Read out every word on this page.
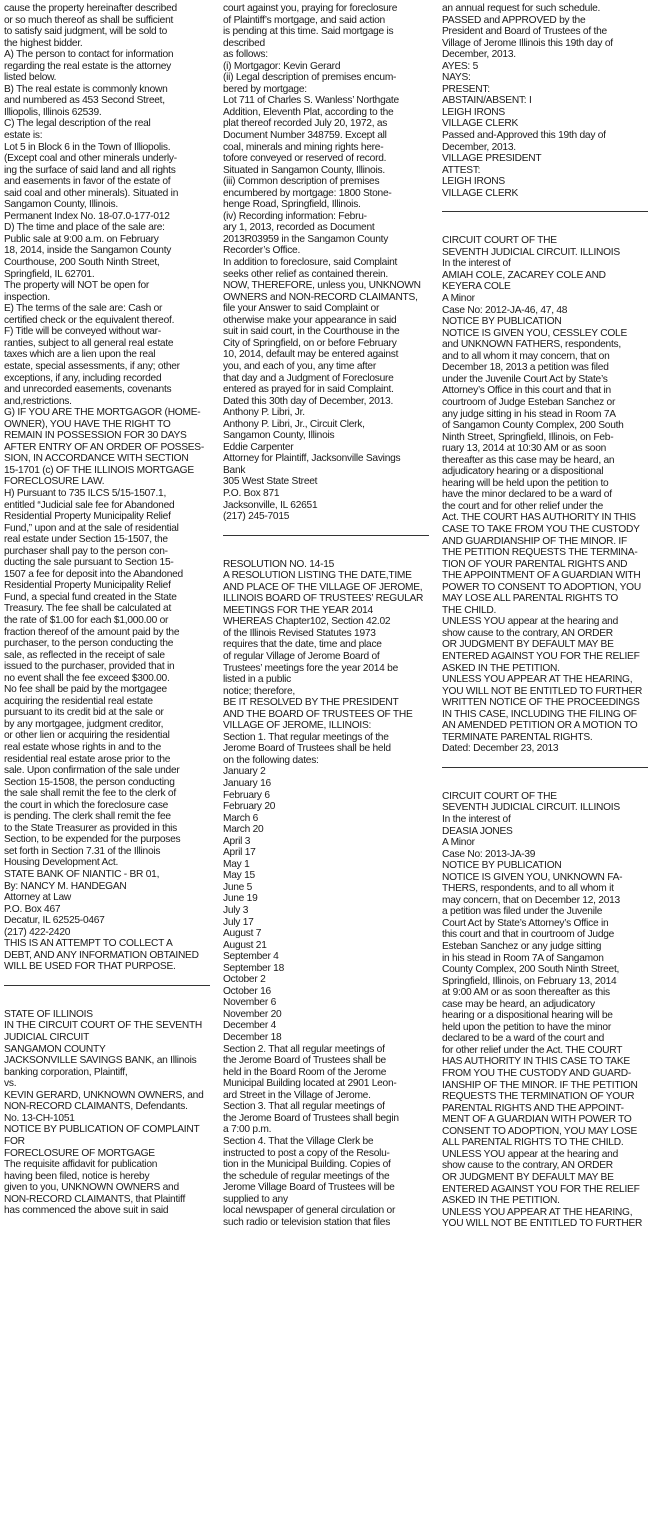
cause the property hereinafter described

or so much thereof as shall be sufficient

to satisfy said judgment, will be sold to

the highest bidder.

A) The person to contact for information

regarding the real estate is the attorney

listed below.

B) The real estate is commonly known

and numbered as 453 Second Street,

Illiopolis, Illinois 62539.

C) The legal description of the real

estate is:

Lot 5 in Block 6 in the Town of Illiopolis.

(Except coal and other minerals underly-

ing the surface of said land and all rights

and easements in favor of the estate of

said coal and other minerals). Situated in

Sangamon County, Illinois.

Permanent Index No. 18-07.0-177-012

D) The time and place of the sale are:

Public sale at 9:00 a.m. on February

18, 2014, inside the Sangamon County

Courthouse, 200 South Ninth Street,

Springfield, IL 62701.

The property will NOT be open for

inspection.

E) The terms of the sale are: Cash or

certified check or the equivalent thereof.

F) Title will be conveyed without war-

ranties, subject to all general real estate

taxes which are a lien upon the real

estate, special assessments, if any; other

exceptions, if any, including recorded

and unrecorded easements, covenants

and,restrictions.

G) IF YOU ARE THE MORTGAGOR (HOME-

OWNER), YOU HAVE THE RIGHT TO

REMAIN IN POSSESSION FOR 30 DAYS

AFTER ENTRY OF AN ORDER OF POSSES-

SION, IN ACCORDANCE WITH SECTION

15-1701 (c) OF THE ILLINOIS MORTGAGE

FORECLOSURE LAW.

H) Pursuant to 735 ILCS 5/15-1507.1,

entitled “Judicial sale fee for Abandoned

Residential Property Municipality Relief

Fund,” upon and at the sale of residential

real estate under Section 15-1507, the

purchaser shall pay to the person con-

ducting the sale pursuant to Section 15-

1507 a fee for deposit into the Abandoned

Residential Property Municipality Relief

Fund, a special fund created in the State

Treasury. The fee shall be calculated at

the rate of $1.00 for each $1,000.00 or

fraction thereof of the amount paid by the

purchaser, to the person conducting the

sale, as reflected in the receipt of sale

issued to the purchaser, provided that in

no event shall the fee exceed $300.00.

No fee shall be paid by the mortgagee

acquiring the residential real estate

pursuant to its credit bid at the sale or

by any mortgagee, judgment creditor,

or other lien or acquiring the residential

real estate whose rights in and to the

residential real estate arose prior to the

sale. Upon confirmation of the sale under

Section 15-1508, the person conducting

the sale shall remit the fee to the clerk of

the court in which the foreclosure case

is pending. The clerk shall remit the fee

to the State Treasurer as provided in this

Section, to be expended for the purposes

set forth in Section 7.31 of the Illinois

Housing Development Act.

STATE BANK OF NIANTIC - BR 01,

By: NANCY M. HANDEGAN

Attorney at Law

P.O. Box 467

Decatur, IL 62525-0467

(217) 422-2420

THIS IS AN ATTEMPT TO COLLECT A

DEBT, AND ANY INFORMATION OBTAINED

WILL BE USED FOR THAT PURPOSE.

STATE OF ILLINOIS

IN THE CIRCUIT COURT OF THE SEVENTH

JUDICIAL CIRCUIT

SANGAMON COUNTY

JACKSONVILLE SAVINGS BANK, an Illinois

banking corporation, Plaintiff,

vs.

KEVIN GERARD, UNKNOWN OWNERS, and

NON-RECORD CLAIMANTS, Defendants.

No. 13-CH-1051

NOTICE BY PUBLICATION OF COMPLAINT

FOR

FORECLOSURE OF MORTGAGE

The requisite affidavit for publication

having been filed, notice is hereby

given to you, UNKNOWN OWNERS and

NON-RECORD CLAIMANTS, that Plaintiff

has commenced the above suit in said

court against you, praying for foreclosure

of Plaintiff’s mortgage, and said action

is pending at this time. Said mortgage is described

as follows:

(i) Mortgagor: Kevin Gerard

(ii) Legal description of premises encum-

bered by mortgage:

Lot 711 of Charles S. Wanless’ Northgate

Addition, Eleventh Plat, according to the

plat thereof recorded July 20, 1972, as

Document Number 348759. Except all

coal, minerals and mining rights here-

tofore conveyed or reserved of record.

Situated in Sangamon County, Illinois.

(iii) Common description of premises

encumbered by mortgage: 1800 Stone-

henge Road, Springfield, Illinois.

(iv) Recording information: Febru-

ary 1, 2013, recorded as Document

2013R03959 in the Sangamon County

Recorder’s Office.

In addition to foreclosure, said Complaint

seeks other relief as contained therein.

NOW, THEREFORE, unless you, UNKNOWN

OWNERS and NON-RECORD CLAIMANTS,

file your Answer to said Complaint or

otherwise make your appearance in said

suit in said court, in the Courthouse in the

City of Springfield, on or before February

10, 2014, default may be entered against

you, and each of you, any time after

that day and a Judgment of Foreclosure

entered as prayed for in said Complaint.

Dated this 30th day of December, 2013.

Anthony P. Libri, Jr.

Anthony P. Libri, Jr., Circuit Clerk,

Sangamon County, Illinois

Eddie Carpenter

Attorney for Plaintiff, Jacksonville Savings

Bank

305 West State Street

P.O. Box 871

Jacksonville, IL 62651

(217) 245-7015

RESOLUTION NO. 14-15

A RESOLUTION LISTING THE DATE,TIME

AND PLACE OF THE VILLAGE OF JEROME,

ILLINOIS BOARD OF TRUSTEES’ REGULAR

MEETINGS FOR THE YEAR 2014

WHEREAS Chapter102, Section 42.02

of the Illinois Revised Statutes 1973

requires that the date, time and place

of regular Village of Jerome Board of

Trustees’ meetings fore the year 2014 be

listed in a public

notice; therefore,

BE IT RESOLVED BY THE PRESIDENT

AND THE BOARD OF TRUSTEES OF THE

VILLAGE OF JEROME, ILLINOIS:

Section 1. That regular meetings of the

Jerome Board of Trustees shall be held

on the following dates:

January 2

January 16

February 6

February 20

March 6

March 20

April 3

April 17

May 1

May 15

June 5

June 19

July 3

July 17

August 7

August 21

September 4

September 18

October 2

October 16

November 6

November 20

December 4

December 18

Section 2. That all regular meetings of

the Jerome Board of Trustees shall be

held in the Board Room of the Jerome

Municipal Building located at 2901 Leon-

ard Street in the Village of Jerome.

Section 3. That all regular meetings of

the Jerome Board of Trustees shall begin

a 7:00 p.m.

Section 4. That the Village Clerk be

instructed to post a copy of the Resolu-

tion in the Municipal Building. Copies of

the schedule of regular meetings of the

Jerome Village Board of Trustees will be

supplied to any

local newspaper of general circulation or

such radio or television station that files

an annual request for such schedule.

PASSED and APPROVED by the

President and Board of Trustees of the

Village of Jerome Illinois this 19th day of

December, 2013.

AYES: 5

NAYS:

PRESENT:

ABSTAIN/ABSENT: I

LEIGH IRONS

VILLAGE CLERK

Passed and-Approved this 19th day of

December, 2013.

VILLAGE PRESIDENT

ATTEST:

LEIGH IRONS

VILLAGE CLERK

CIRCUIT COURT OF THE

SEVENTH JUDICIAL CIRCUIT. ILLINOIS

In the interest of

AMIAH COLE, ZACAREY COLE AND

KEYERA COLE

A Minor

Case No: 2012-JA-46, 47, 48

NOTICE BY PUBLICATION

NOTICE IS GIVEN YOU, CESSLEY COLE

and UNKNOWN FATHERS, respondents,

and to all whom it may concern, that on

December 18, 2013 a petition was filed

under the Juvenile Court Act by State’s

Attorney’s Office in this court and that in

courtroom of Judge Esteban Sanchez or

any judge sitting in his stead in Room 7A

of Sangamon County Complex, 200 South

Ninth Street, Springfield, Illinois, on Feb-

ruary 13, 2014 at 10:30 AM or as soon

thereafter as this case may be heard, an

adjudicatory hearing or a dispositional

hearing will be held upon the petition to

have the minor declared to be a ward of

the court and for other relief under the

Act. THE COURT HAS AUTHORITY IN THIS

CASE TO TAKE FROM YOU THE CUSTODY

AND GUARDIANSHIP OF THE MINOR. IF

THE PETITION REQUESTS THE TERMINA-

TION OF YOUR PARENTAL RIGHTS AND

THE APPOINTMENT OF A GUARDIAN WITH

POWER TO CONSENT TO ADOPTION, YOU

MAY LOSE ALL PARENTAL RIGHTS TO

THE CHILD.

UNLESS YOU appear at the hearing and

show cause to the contrary, AN ORDER

OR JUDGMENT BY DEFAULT MAY BE

ENTERED AGAINST YOU FOR THE RELIEF

ASKED IN THE PETITION.

UNLESS YOU APPEAR AT THE HEARING,

YOU WILL NOT BE ENTITLED TO FURTHER

WRITTEN NOTICE OF THE PROCEEDINGS

IN THIS CASE, INCLUDING THE FILING OF

AN AMENDED PETITION OR A MOTION TO

TERMINATE PARENTAL RIGHTS.

Dated: December 23, 2013

CIRCUIT COURT OF THE

SEVENTH JUDICIAL CIRCUIT. ILLINOIS

In the interest of

DEASIA JONES

A Minor

Case No: 2013-JA-39

NOTICE BY PUBLICATION

NOTICE IS GIVEN YOU, UNKNOWN FA-

THERS, respondents, and to all whom it

may concern, that on December 12, 2013

a petition was filed under the Juvenile

Court Act by State’s Attorney’s Office in

this court and that in courtroom of Judge

Esteban Sanchez or any judge sitting

in his stead in Room 7A of Sangamon

County Complex, 200 South Ninth Street,

Springfield, Illinois, on February 13, 2014

at 9:00 AM or as soon thereafter as this

case may be heard, an adjudicatory

hearing or a dispositional hearing will be

held upon the petition to have the minor

declared to be a ward of the court and

for other relief under the Act. THE COURT

HAS AUTHORITY IN THIS CASE TO TAKE

FROM YOU THE CUSTODY AND GUARD-

IANSHIP OF THE MINOR. IF THE PETITION

REQUESTS THE TERMINATION OF YOUR

PARENTAL RIGHTS AND THE APPOINT-

MENT OF A GUARDIAN WITH POWER TO

CONSENT TO ADOPTION, YOU MAY LOSE

ALL PARENTAL RIGHTS TO THE CHILD.

UNLESS YOU appear at the hearing and

show cause to the contrary, AN ORDER

OR JUDGMENT BY DEFAULT MAY BE

ENTERED AGAINST YOU FOR THE RELIEF

ASKED IN THE PETITION.

UNLESS YOU APPEAR AT THE HEARING,

YOU WILL NOT BE ENTITLED TO FURTHER
